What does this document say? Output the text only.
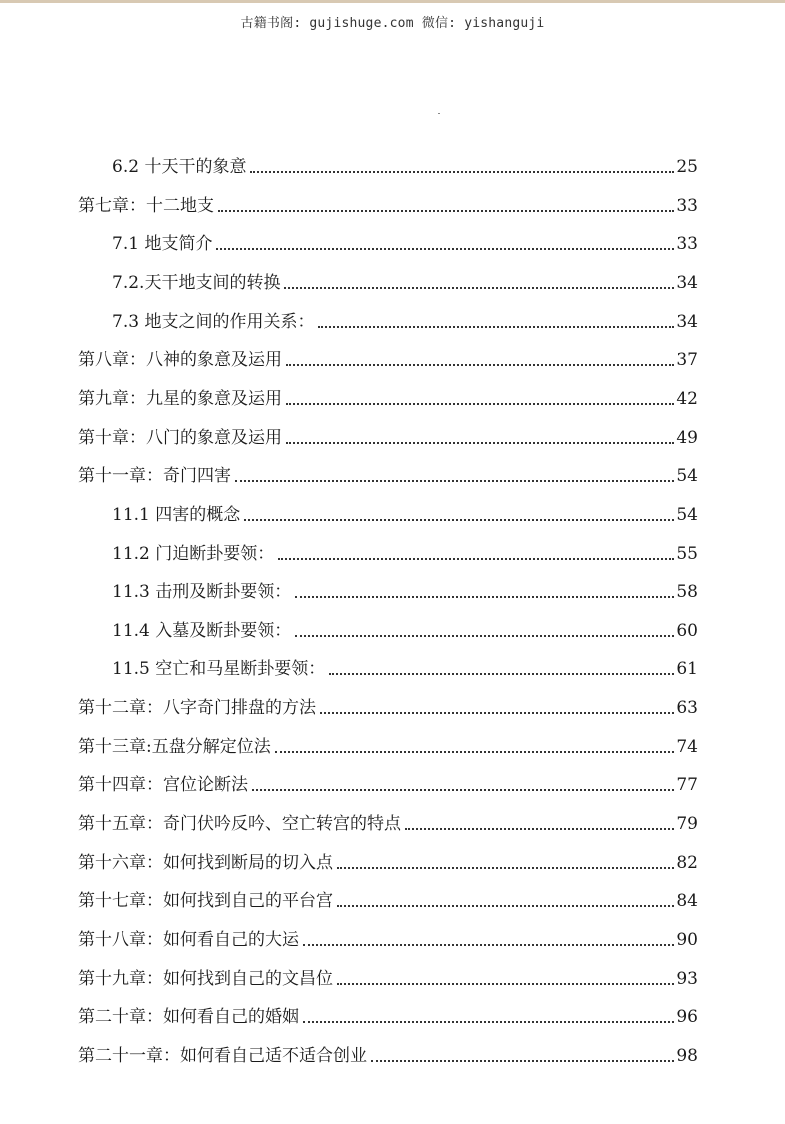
古籍书阁: gujishuge.com 微信: yishanguji
6.2 十天干的象意	25
第七章：十二地支	33
7.1 地支简介	33
7.2.天干地支间的转换	34
7.3 地支之间的作用关系：	34
第八章：八神的象意及运用	37
第九章：九星的象意及运用	42
第十章：八门的象意及运用	49
第十一章：奇门四害	54
11.1 四害的概念	54
11.2 门迫断卦要领：	55
11.3 击刑及断卦要领：	58
11.4 入墓及断卦要领：	60
11.5 空亡和马星断卦要领：	61
第十二章：八字奇门排盘的方法	63
第十三章:五盘分解定位法	74
第十四章：宫位论断法	77
第十五章：奇门伏吟反吟、空亡转宫的特点	79
第十六章：如何找到断局的切入点	82
第十七章：如何找到自己的平台宫	84
第十八章：如何看自己的大运	90
第十九章：如何找到自己的文昌位	93
第二十章：如何看自己的婚姻	96
第二十一章：如何看自己适不适合创业	98
